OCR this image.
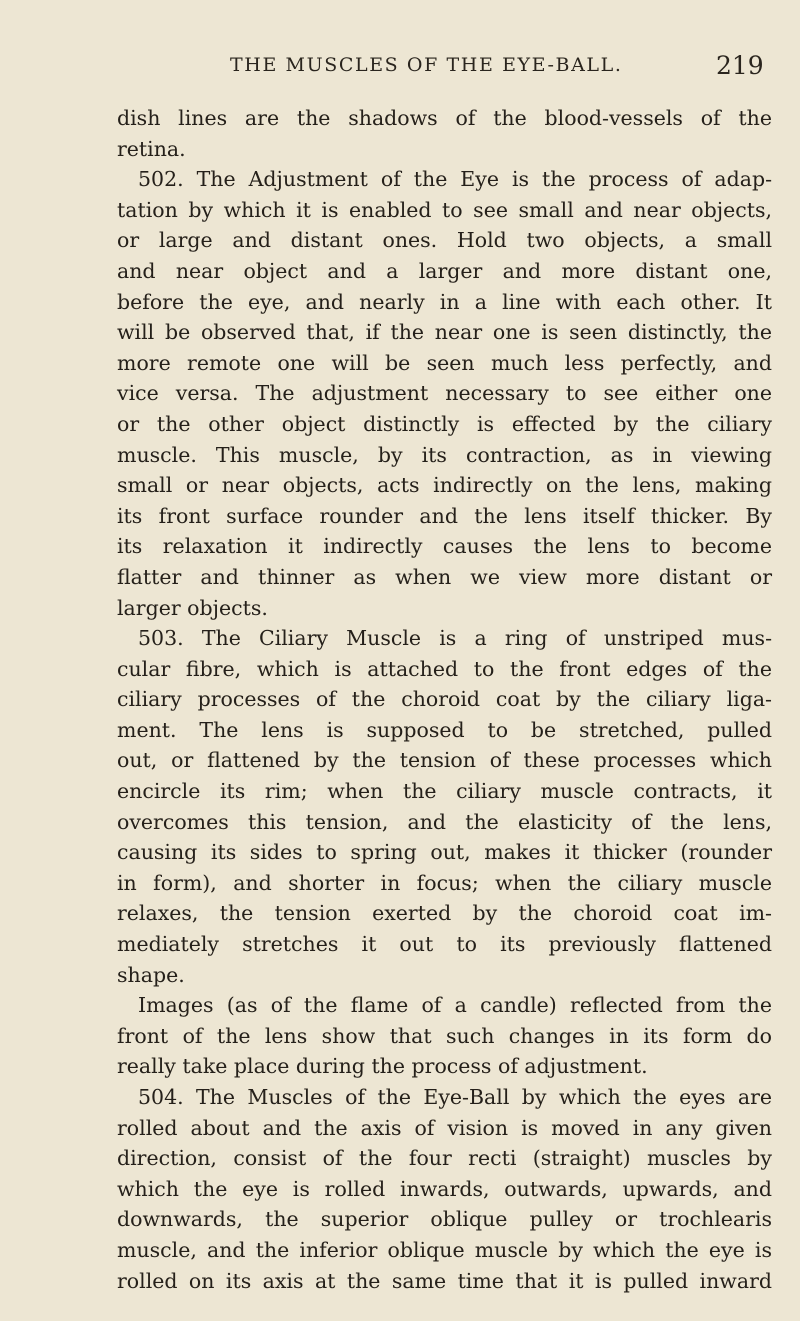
THE MUSCLES OF THE EYE-BALL.	219
dish lines are the shadows of the blood-vessels of the
retina.
502. The Adjustment of the Eye is the process of adap-
tation by which it is enabled to see small and near objects,
or large and distant ones. Hold two objects, a small
and near object and a larger and more distant one,
before the eye, and nearly in a line with each other. It
will be observed that, if the near one is seen distinctly, the
more remote one will be seen much less perfectly, and
vice versa. The adjustment necessary to see either one
or the other object distinctly is effected by the ciliary
muscle. This muscle, by its contraction, as in viewing
small or near objects, acts indirectly on the lens, making
its front surface rounder and the lens itself thicker. By
its relaxation it indirectly causes the lens to become
flatter and thinner as when we view more distant or
larger objects.
503. The Ciliary Muscle is a ring of unstriped mus-
cular fibre, which is attached to the front edges of the
ciliary processes of the choroid coat by the ciliary liga-
ment. The lens is supposed to be stretched, pulled
out, or flattened by the tension of these processes which
encircle its rim; when the ciliary muscle contracts, it
overcomes this tension, and the elasticity of the lens,
causing its sides to spring out, makes it thicker (rounder
in form), and shorter in focus; when the ciliary muscle
relaxes, the tension exerted by the choroid coat im-
mediately stretches it out to its previously flattened
shape.
Images (as of the flame of a candle) reflected from the
front of the lens show that such changes in its form do
really take place during the process of adjustment.
504. The Muscles of the Eye-Ball by which the eyes are
rolled about and the axis of vision is moved in any given
direction, consist of the four recti (straight) muscles by
which the eye is rolled inwards, outwards, upwards, and
downwards, the superior oblique pulley or trochlearis
muscle, and the inferior oblique muscle by which the eye is
rolled on its axis at the same time that it is pulled inward
